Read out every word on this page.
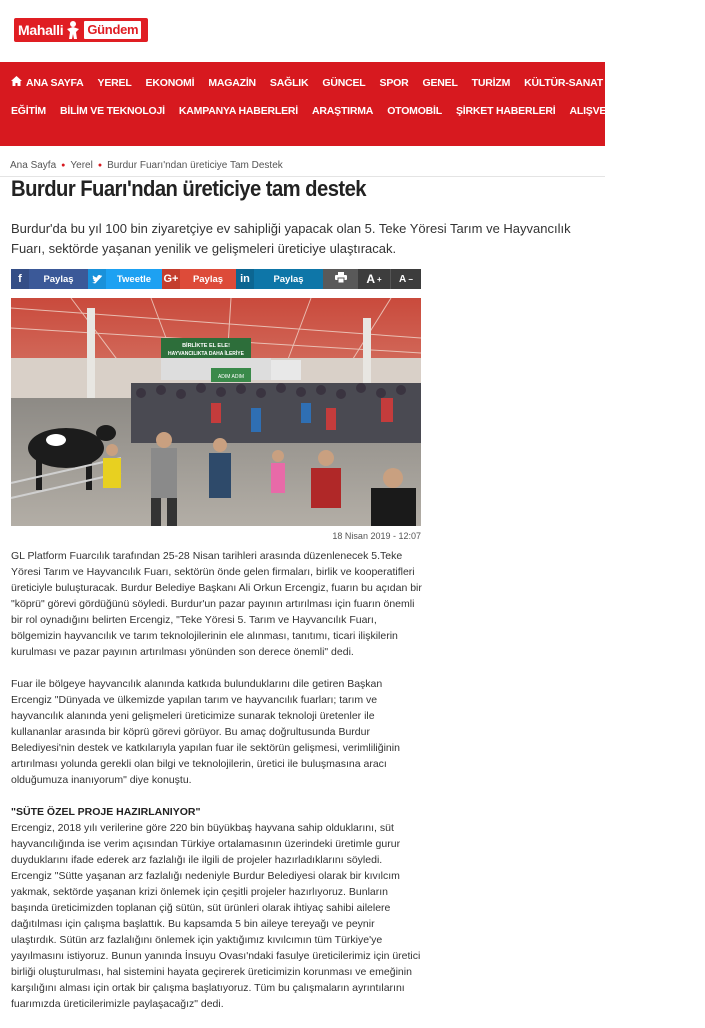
Mahalli Gündem
ANA SAYFA	YEREL	EKONOMİ	MAGAZİN	SAĞLIK	GÜNCEL	SPOR	GENEL	TURİZM	KÜLTÜR-SANAT	SİNEMA / DİZİ
EĞİTİM	BİLİM VE TEKNOLOJİ	KAMPANYA HABERLERİ	ARAŞTIRMA	OTOMOBİL	ŞİRKET HABERLERİ	ALIŞVERİŞ	TARIM
Ana Sayfa ● Yerel ● Burdur Fuarı'ndan üreticiye Tam Destek
Burdur Fuarı'ndan üreticiye tam destek

Burdur'da bu yıl 100 bin ziyaretçiye ev sahipliği yapacak olan 5. Teke Yöresi Tarım ve Hayvancılık Fuarı, sektörde yaşanan yenilik ve gelişmeleri üreticiye ulaştıracak.

f	Paylaş	Tweetle	G+	Paylaş	in	Paylaş	A + A −
BİRLİKTE EL ELE!
HAYVANCILIKTA DAHA İLERİYE
ADIM ADIM
18 Nisan 2019 - 12:07

GL Platform Fuarcılık tarafından 25-28 Nisan tarihleri arasında düzenlenecek 5.Teke Yöresi Tarım ve Hayvancılık Fuarı, sektörün önde gelen firmaları, birlik ve kooperatifleri üreticiyle buluşturacak. Burdur Belediye Başkanı Ali Orkun Ercengiz, fuarın bu açıdan bir "köprü" görevi gördüğünü söyledi. Burdur'un pazar payının artırılması için fuarın önemli bir rol oynadığını belirten Ercengiz, "Teke Yöresi 5. Tarım ve Hayvancılık Fuarı, bölgemizin hayvancılık ve tarım teknolojilerinin ele alınması, tanıtımı, ticari ilişkilerin kurulması ve pazar payının artırılması yönünden son derece önemli" dedi.

Fuar ile bölgeye hayvancılık alanında katkıda bulunduklarını dile getiren Başkan Ercengiz "Dünyada ve ülkemizde yapılan tarım ve hayvancılık fuarları; tarım ve hayvancılık alanında yeni gelişmeleri üreticimize sunarak teknoloji üretenler ile kullananlar arasında bir köprü görevi görüyor. Bu amaç doğrultusunda Burdur Belediyesi'nin destek ve katkılarıyla yapılan fuar ile sektörün gelişmesi, verimliliğinin artırılması yolunda gerekli olan bilgi ve teknolojilerin, üretici ile buluşmasına aracı olduğumuza inanıyorum" diye konuştu.

"SÜTE ÖZEL PROJE HAZIRLANIYOR"

Ercengiz, 2018 yılı verilerine göre 220 bin büyükbaş hayvana sahip olduklarını, süt hayvancılığında ise verim açısından Türkiye ortalamasının üzerindeki üretimle gurur duyduklarını ifade ederek arz fazlalığı ile ilgili de projeler hazırladıklarını söyledi. Ercengiz "Sütte yaşanan arz fazlalığı nedeniyle Burdur Belediyesi olarak bir kıvılcım yakmak, sektörde yaşanan krizi önlemek için çeşitli projeler hazırlıyoruz. Bunların başında üreticimizden toplanan çiğ sütün, süt ürünleri olarak ihtiyaç sahibi ailelere dağıtılması için çalışma başlattık. Bu kapsamda 5 bin aileye tereyağı ve peynir ulaştırdık. Sütün arz fazlalığını önlemek için yaktığımız kıvılcımın tüm Türkiye'ye yayılmasını istiyoruz. Bunun yanında İnsuyu Ovası'ndaki fasulye üreticilerimiz için üretici birliği oluşturulması, hal sistemini hayata geçirerek üreticimizin korunması ve emeğinin karşılığını alması için ortak bir çalışma başlatıyoruz. Tüm bu çalışmaların ayrıntılarını fuarımızda üreticilerimizle paylaşacağız" dedi.
